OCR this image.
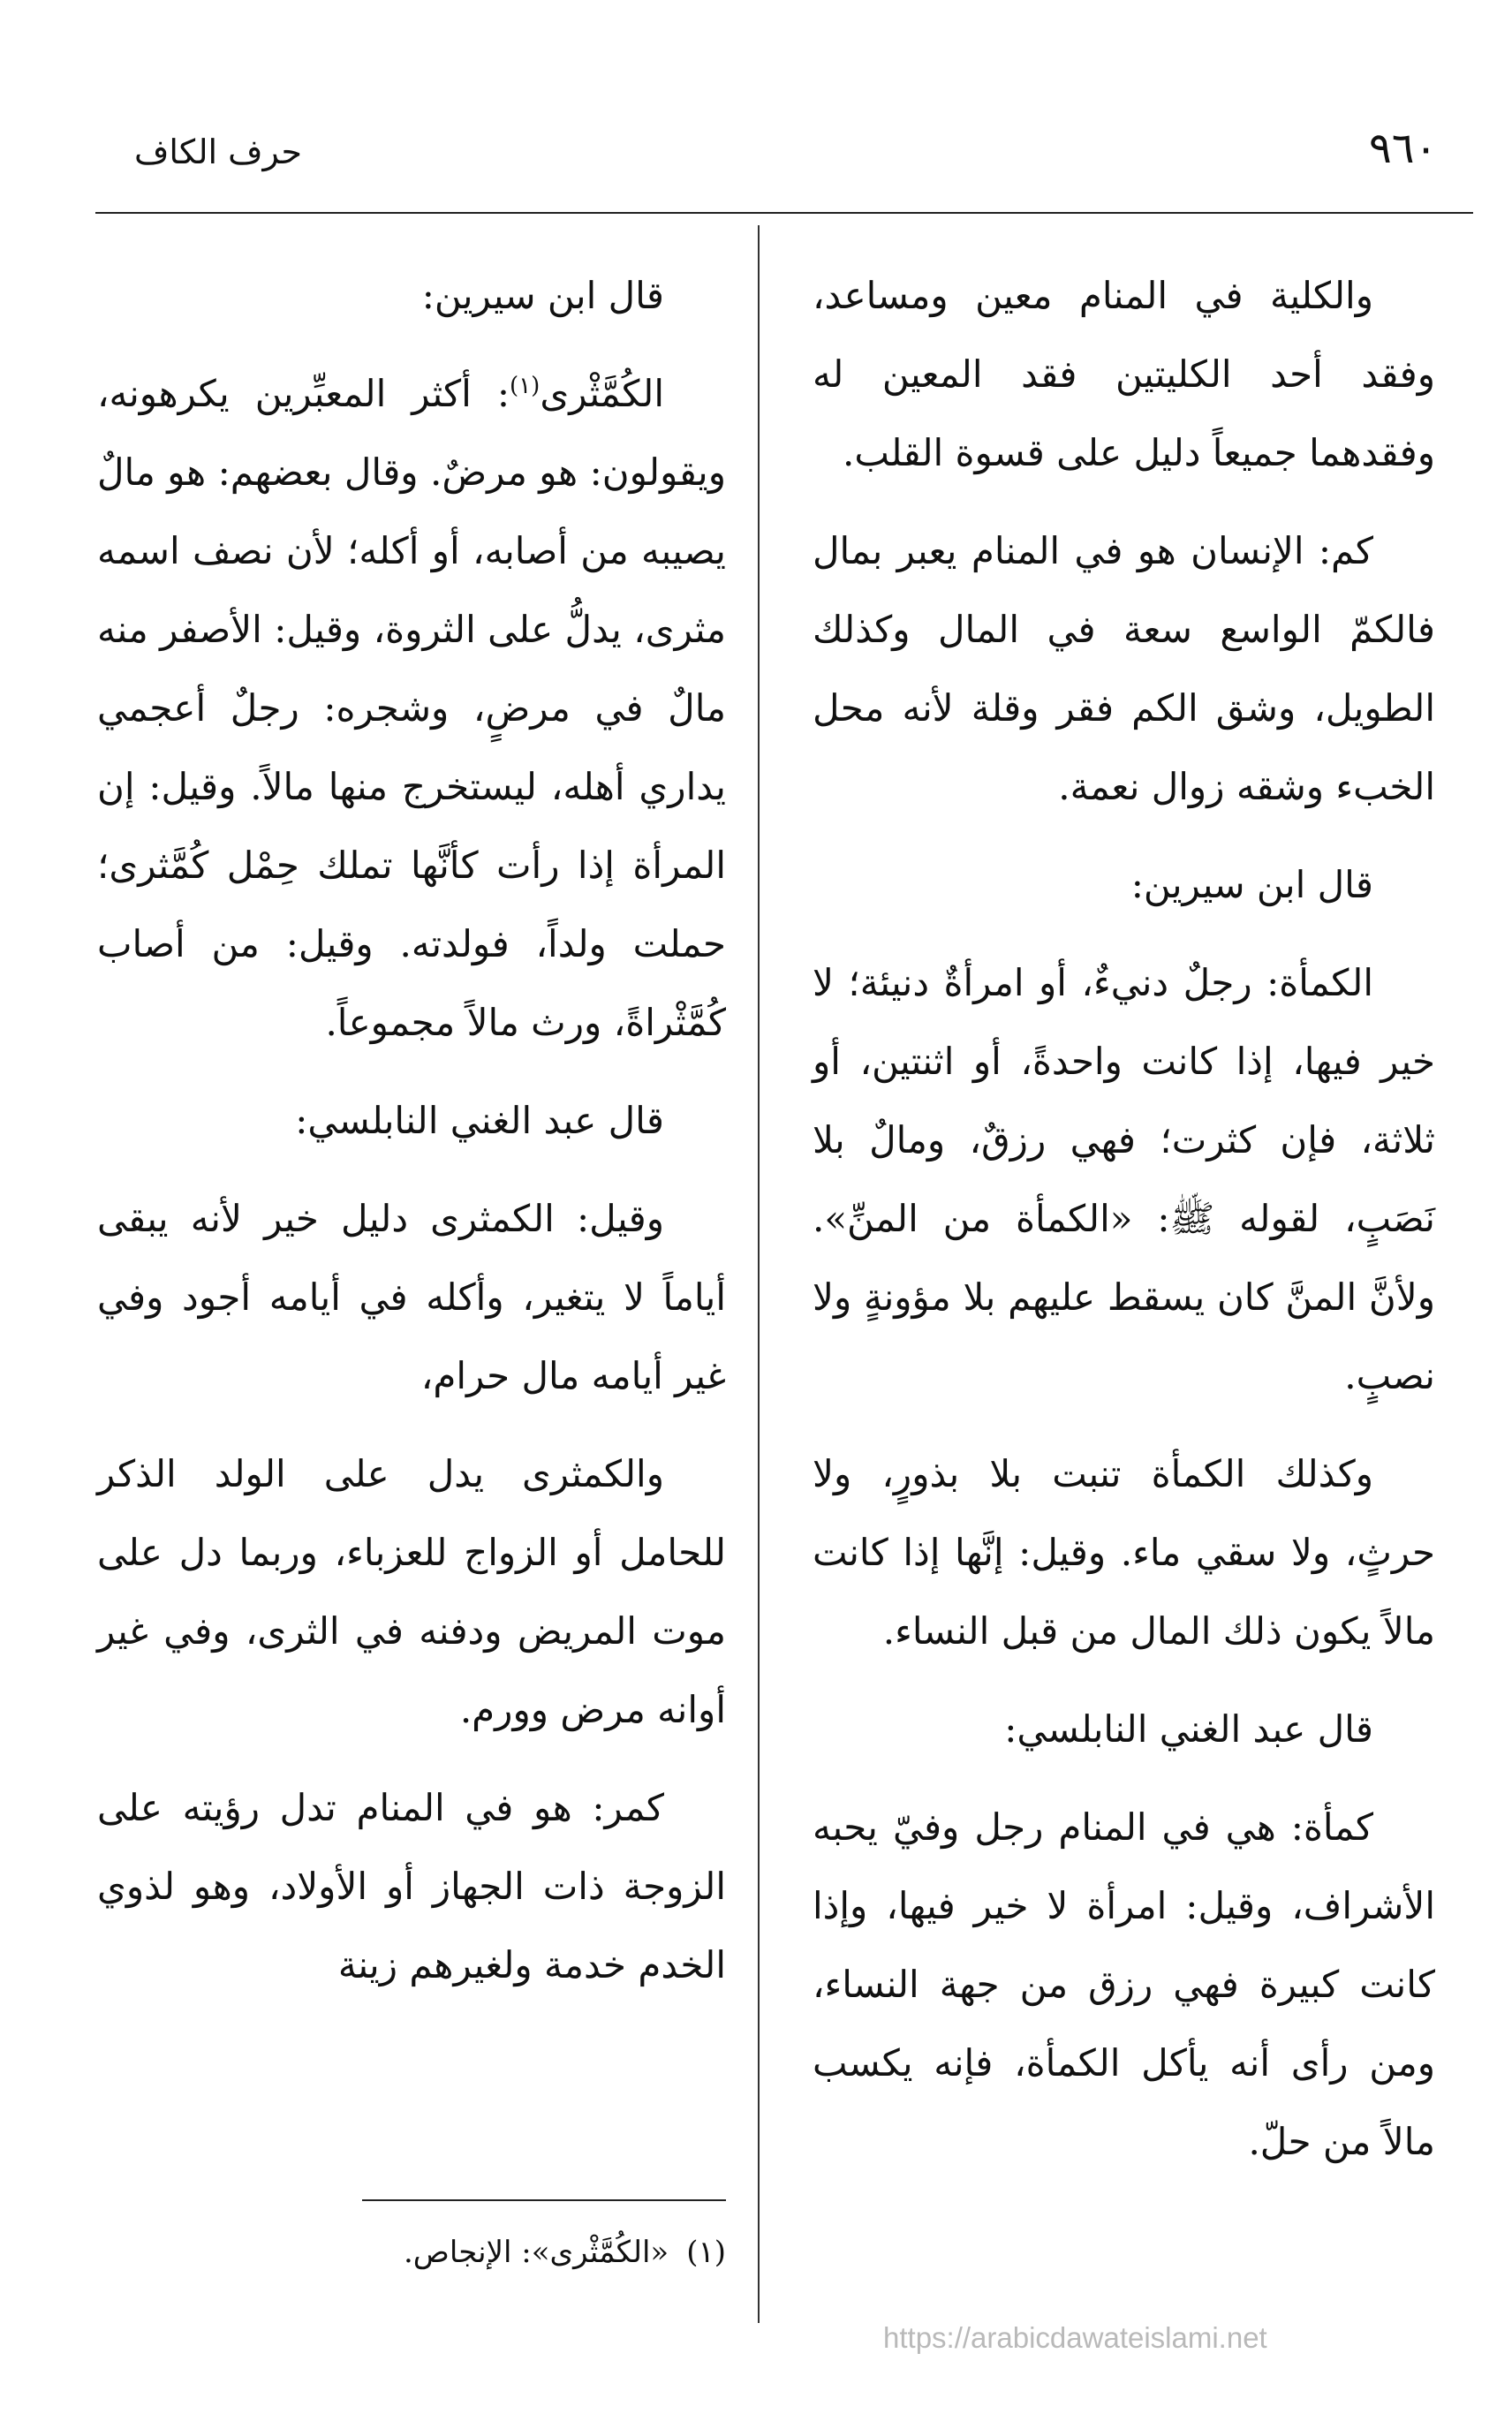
٩٦٠
حرف الكاف

والكلية في المنام معين ومساعد، وفقد أحد الكليتين فقد المعين له وفقدهما جميعاً دليل على قسوة القلب.

كم: الإنسان هو في المنام يعبر بمال فالكمّ الواسع سعة في المال وكذلك الطويل، وشق الكم فقر وقلة لأنه محل الخبء وشقه زوال نعمة.

قال ابن سيرين:

الكمأة: رجلٌ دنيءٌ، أو امرأةٌ دنيئة؛ لا خير فيها، إذا كانت واحدةً، أو اثنتين، أو ثلاثة، فإن كثرت؛ فهي رزقٌ، ومالٌ بلا نَصَبٍ، لقوله ﷺ: «الكمأة من المنِّ». ولأنَّ المنَّ كان يسقط عليهم بلا مؤونةٍ ولا نصبٍ.

وكذلك الكمأة تنبت بلا بذورٍ، ولا حرثٍ، ولا سقي ماء. وقيل: إنَّها إذا كانت مالاً يكون ذلك المال من قبل النساء.

قال عبد الغني النابلسي:

كمأة: هي في المنام رجل وفيّ يحبه الأشراف، وقيل: امرأة لا خير فيها، وإذا كانت كبيرة فهي رزق من جهة النساء، ومن رأى أنه يأكل الكمأة، فإنه يكسب مالاً من حلّ.

قال ابن سيرين:

الكُمَّثْرى$^{(١)}$: أكثر المعبِّرين يكرهونه، ويقولون: هو مرضٌ. وقال بعضهم: هو مالٌ يصيبه من أصابه، أو أكله؛ لأن نصف اسمه مثرى، يدلُّ على الثروة، وقيل: الأصفر منه مالٌ في مرضٍ، وشجره: رجلٌ أعجمي يداري أهله، ليستخرج منها مالاً. وقيل: إن المرأة إذا رأت كأنَّها تملك حِمْل كُمَّثرى؛ حملت ولداً، فولدته. وقيل: من أصاب كُمَّثْراةً، ورث مالاً مجموعاً.

قال عبد الغني النابلسي:

وقيل: الكمثرى دليل خير لأنه يبقى أياماً لا يتغير، وأكله في أيامه أجود وفي غير أيامه مال حرام،

والكمثرى يدل على الولد الذكر للحامل أو الزواج للعزباء، وربما دل على موت المريض ودفنه في الثرى، وفي غير أوانه مرض وورم.

كمر: هو في المنام تدل رؤيته على الزوجة ذات الجهاز أو الأولاد، وهو لذوي الخدم خدمة ولغيرهم زينة

(١)«الكُمَّثْرى»: الإنجاص.
https://arabicdawateislami.net
